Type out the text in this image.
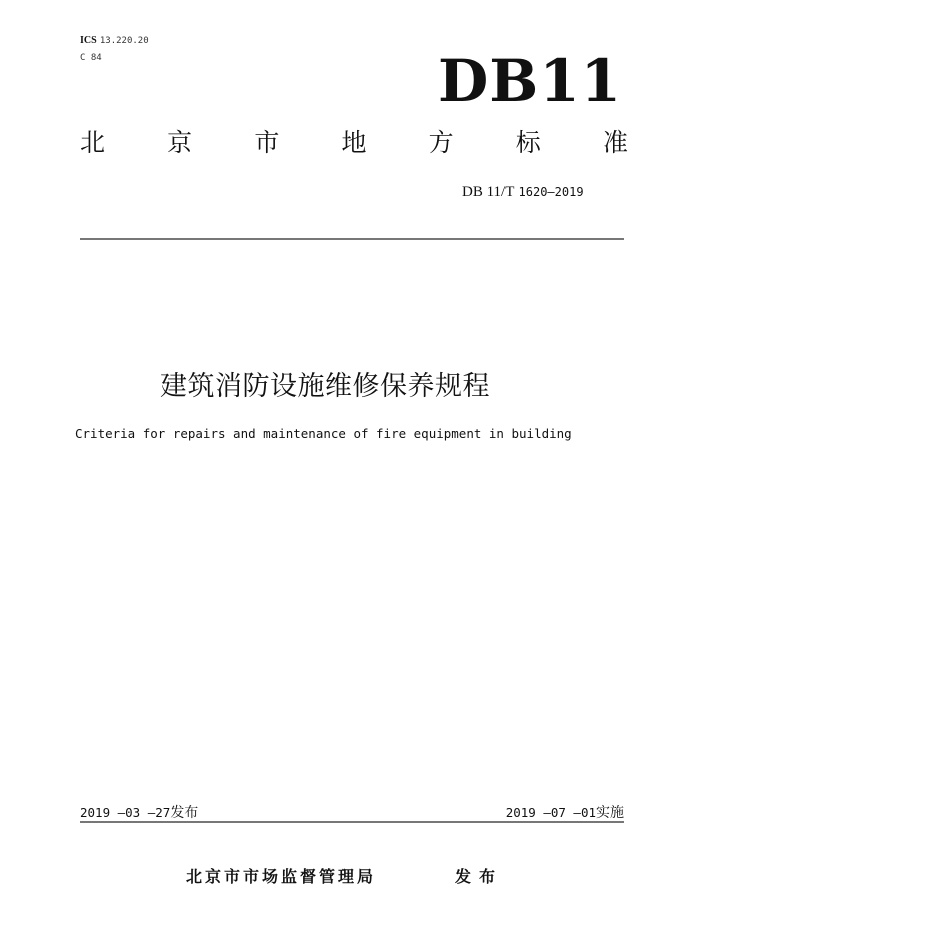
ICS 13.220.20
C 84	DB11
北 京 市 地 方 标 准
DB 11/T 1620—2019
建筑消防设施维修保养规程
Criteria for repairs and maintenance of fire equipment in building
2019 —03 —27发布	2019 —07 —01实施
北京市市场监督管理局	发布
